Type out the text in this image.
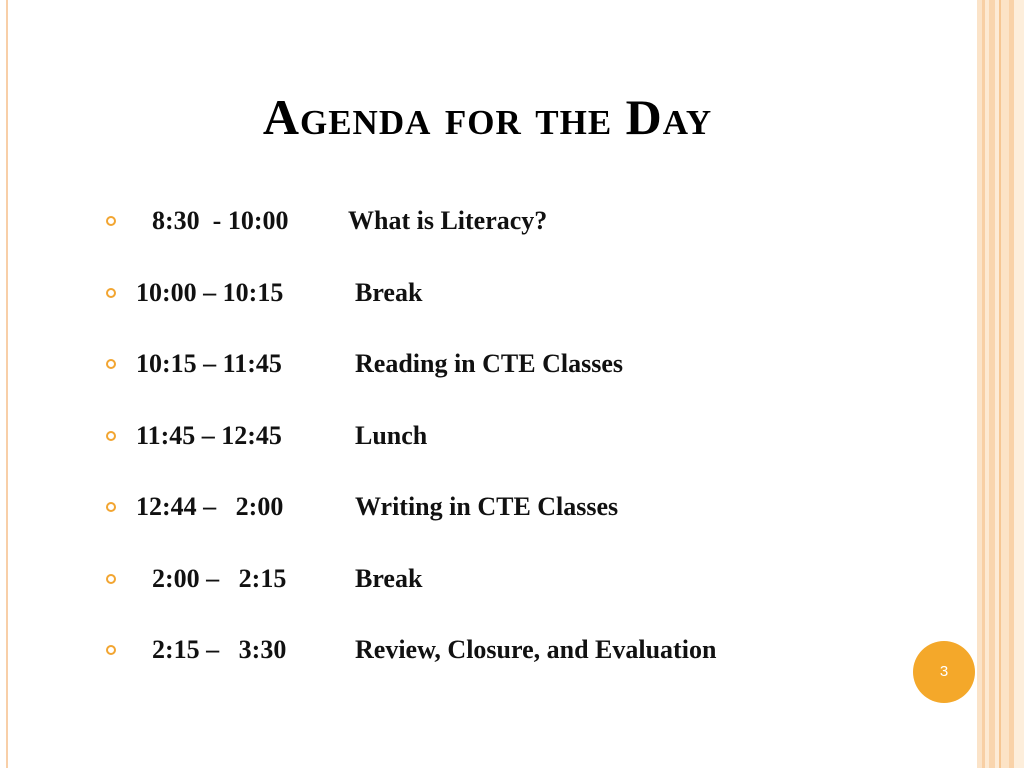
Agenda for the Day
8:30  - 10:00 What is Literacy?
10:00 – 10:15	Break
10:15 – 11:45	Reading in CTE Classes
11:45 – 12:45	Lunch
12:44 –   2:00	Writing in CTE Classes
2:00 –   2:15	Break
2:15 –   3:30	Review, Closure, and Evaluation
3
